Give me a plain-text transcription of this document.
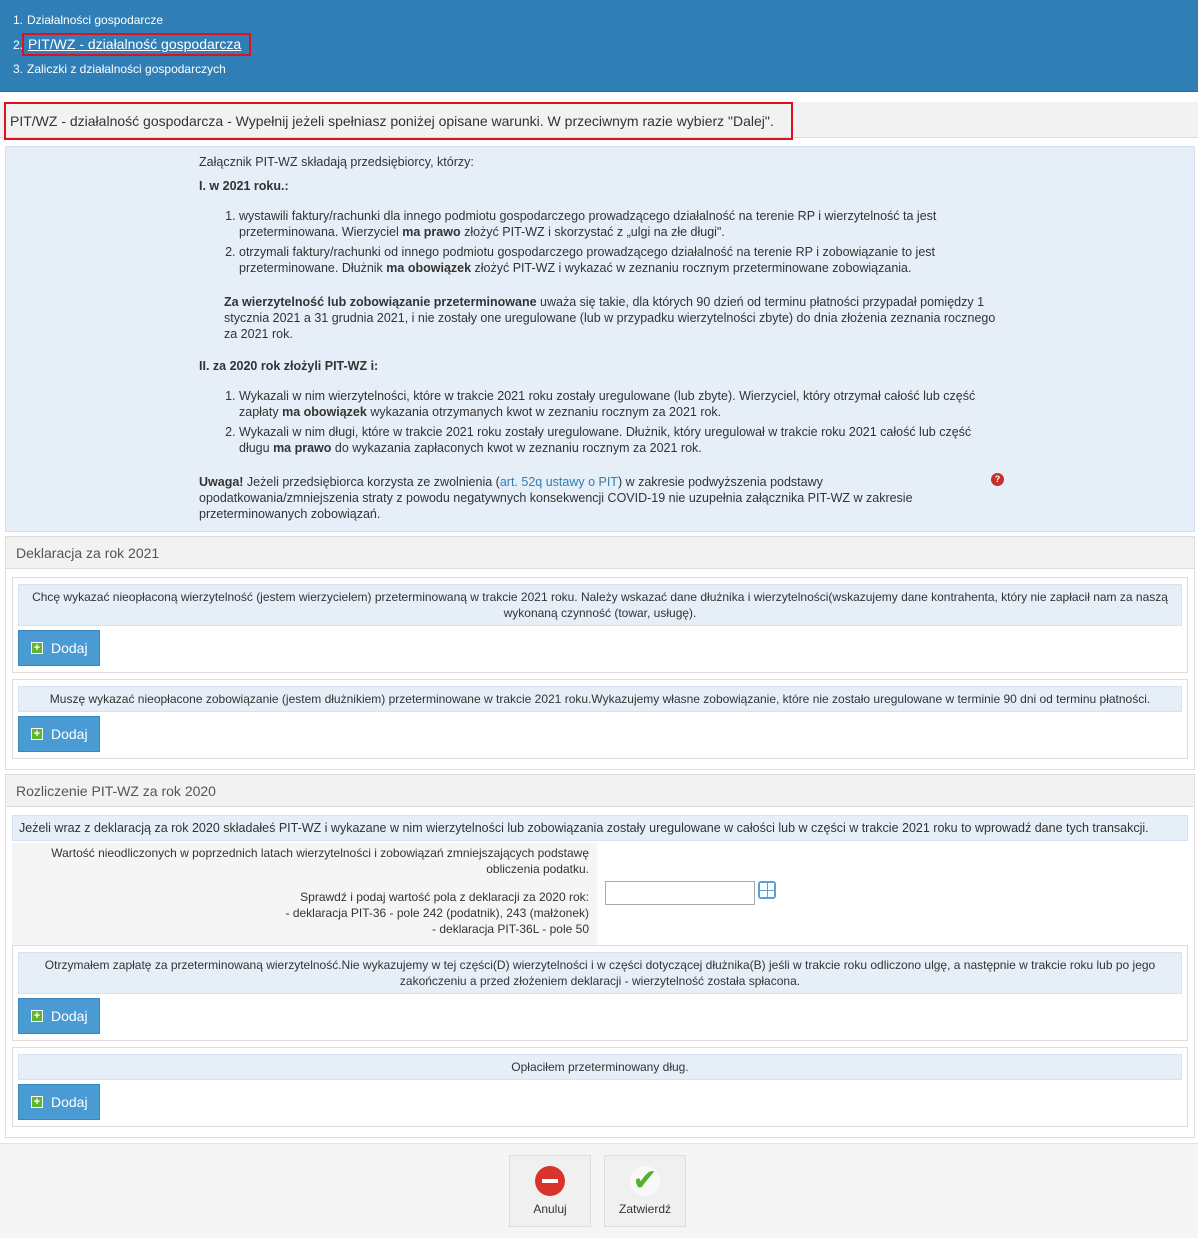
1. Działalności gospodarcze
2. PIT/WZ - działalność gospodarcza
3. Zaliczki z działalności gospodarczych
PIT/WZ - działalność gospodarcza - Wypełnij jeżeli spełniasz poniżej opisane warunki. W przeciwnym razie wybierz "Dalej".

Załącznik PIT-WZ składają przedsiębiorcy, którzy:

I. w 2021 roku.:

1. wystawili faktury/rachunki dla innego podmiotu gospodarczego prowadzącego działalność na terenie RP i wierzytelność ta jest przeterminowana. Wierzyciel ma prawo złożyć PIT-WZ i skorzystać z „ulgi na złe długi".
2. otrzymali faktury/rachunki od innego podmiotu gospodarczego prowadzącego działalność na terenie RP i zobowiązanie to jest przeterminowane. Dłużnik ma obowiązek złożyć PIT-WZ i wykazać w zeznaniu rocznym przeterminowane zobowiązania.

Za wierzytelność lub zobowiązanie przeterminowane uważa się takie, dla których 90 dzień od terminu płatności przypadał pomiędzy 1 stycznia 2021 a 31 grudnia 2021, i nie zostały one uregulowane (lub w przypadku wierzytelności zbyte) do dnia złożenia zeznania rocznego za 2021 rok.

II. za 2020 rok złożyli PIT-WZ i:

1. Wykazali w nim wierzytelności, które w trakcie 2021 roku zostały uregulowane (lub zbyte). Wierzyciel, który otrzymał całość lub część zapłaty ma obowiązek wykazania otrzymanych kwot w zeznaniu rocznym za 2021 rok.
2. Wykazali w nim długi, które w trakcie 2021 roku zostały uregulowane. Dłużnik, który uregulował w trakcie roku 2021 całość lub część długu ma prawo do wykazania zapłaconych kwot w zeznaniu rocznym za 2021 rok.

Uwaga! Jeżeli przedsiębiorca korzysta ze zwolnienia (art. 52q ustawy o PIT) w zakresie podwyższenia podstawy opodatkowania/zmniejszenia straty z powodu negatywnych konsekwencji COVID-19 nie uzupełnia załącznika PIT-WZ w zakresie przeterminowanych zobowiązań.

?
Deklaracja za rok 2021
Chcę wykazać nieopłaconą wierzytelność (jestem wierzycielem) przeterminowaną w trakcie 2021 roku. Należy wskazać dane dłużnika i wierzytelności(wskazujemy dane kontrahenta, który nie zapłacił nam za naszą wykonaną czynność (towar, usługę).
+ Dodaj
Muszę wykazać nieopłacone zobowiązanie (jestem dłużnikiem) przeterminowane w trakcie 2021 roku.Wykazujemy własne zobowiązanie, które nie zostało uregulowane w terminie 90 dni od terminu płatności.
+ Dodaj
Rozliczenie PIT-WZ za rok 2020
Jeżeli wraz z deklaracją za rok 2020 składałeś PIT-WZ i wykazane w nim wierzytelności lub zobowiązania zostały uregulowane w całości lub w części w trakcie 2021 roku to wprowadź dane tych transakcji.
Wartość nieodliczonych w poprzednich latach wierzytelności i zobowiązań zmniejszających podstawę obliczenia podatku.
Sprawdź i podaj wartość pola z deklaracji za 2020 rok:
- deklaracja PIT-36 - pole 242 (podatnik), 243 (małżonek)
- deklaracja PIT-36L - pole 50
Otrzymałem zapłatę za przeterminowaną wierzytelność.Nie wykazujemy w tej części(D) wierzytelności i w części dotyczącej dłużnika(B) jeśli w trakcie roku odliczono ulgę, a następnie w trakcie roku lub po jego zakończeniu a przed złożeniem deklaracji - wierzytelność została spłacona.
+ Dodaj
Opłaciłem przeterminowany dług.
+ Dodaj
Anuluj
✔
Zatwierdź
